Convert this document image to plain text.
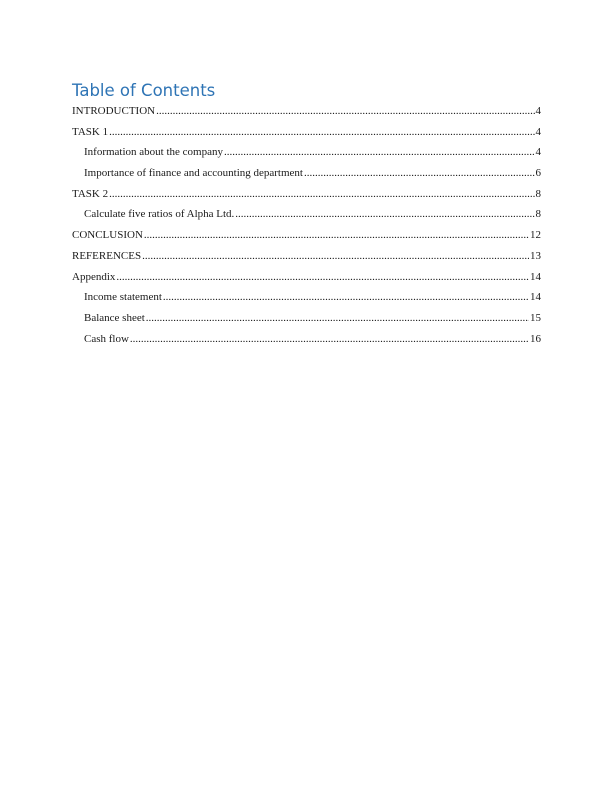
Table of Contents
INTRODUCTION .....	4
TASK 1 .....	4
Information about the company .....	4
Importance of finance and accounting department .....	6
TASK 2 .....	8
Calculate five ratios of Alpha Ltd. .....	8
CONCLUSION .....	12
REFERENCES .....	13
Appendix .....	14
Income statement .....	14
Balance sheet .....	15
Cash flow .....	16
